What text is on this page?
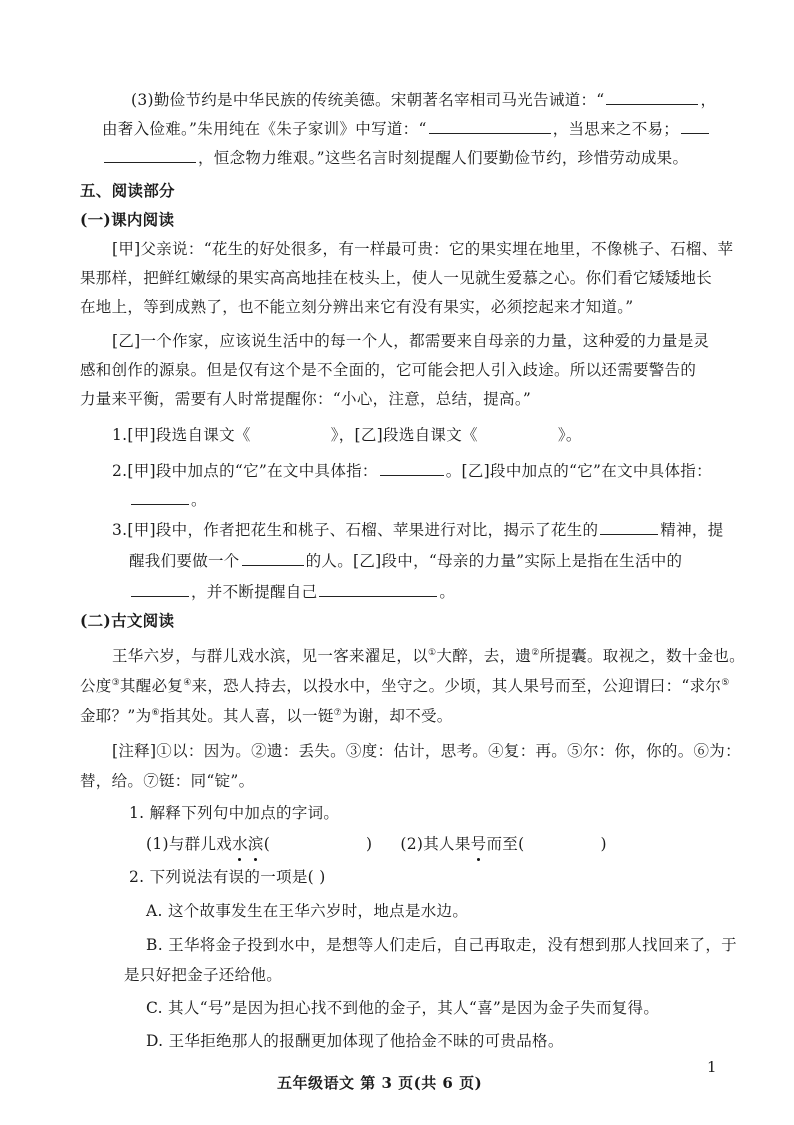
(3)勤俭节约是中华民族的传统美德。宋朝著名宰相司马光告诫道：“	，
由奢入俭难。”朱用纯在《朱子家训》中写道：“	，当思来之不易；
，恒念物力维艰。”这些名言时刻提醒人们要勤俭节约，珍惜劳动成果。
五、阅读部分
(一)课内阅读
[甲]父亲说：“花生的好处很多，有一样最可贵：它的果实埋在地里，不像桃子、石榴、苹
果那样，把鲜红嫩绿的果实高高地挂在枝头上，使人一见就生爱慕之心。你们看它矮矮地长
在地上，等到成熟了，也不能立刻分辨出来它有没有果实，必须挖起来才知道。”
[乙]一个作家，应该说生活中的每一个人，都需要来自母亲的力量，这种爱的力量是灵
感和创作的源泉。但是仅有这个是不全面的，它可能会把人引入歧途。所以还需要警告的
力量来平衡，需要有人时常提醒你：“小心，注意，总结，提高。”
1.[甲]段选自课文《	》，[乙]段选自课文《	》。
2.[甲]段中加点的“它”在文中具体指：	。[乙]段中加点的“它”在文中具体指：
。
3.[甲]段中，作者把花生和桃子、石榴、苹果进行对比，揭示了花生的	精神，提
醒我们要做一个	的人。[乙]段中，“母亲的力量”实际上是指在生活中的
，并不断提醒自己	。
(二)古文阅读
王华六岁，与群儿戏水滨，见一客来濯足，以①大醉，去，遗②所提囊。取视之，数十金也。
公度③其醒必复④来，恐人持去，以投水中，坐守之。少顷，其人果号而至，公迎谓曰：“求尔⑤
金耶？”为⑥指其处。其人喜，以一铤⑦为谢，却不受。
[注释]①以：因为。②遗：丢失。③度：估计，思考。④复：再。⑤尔：你，你的。⑥为：
替，给。⑦铤：同“锭”。
1. 解释下列句中加点的字词。
(1)与群儿戏水滨(	) (2)其人果号而至(	)
2. 下列说法有误的一项是( )
A. 这个故事发生在王华六岁时，地点是水边。
B. 王华将金子投到水中，是想等人们走后，自己再取走，没有想到那人找回来了，于
是只好把金子还给他。
C. 其人“号”是因为担心找不到他的金子，其人“喜”是因为金子失而复得。
D. 王华拒绝那人的报酬更加体现了他拾金不昧的可贵品格。
1
五年级语文 第 3 页(共 6 页)
